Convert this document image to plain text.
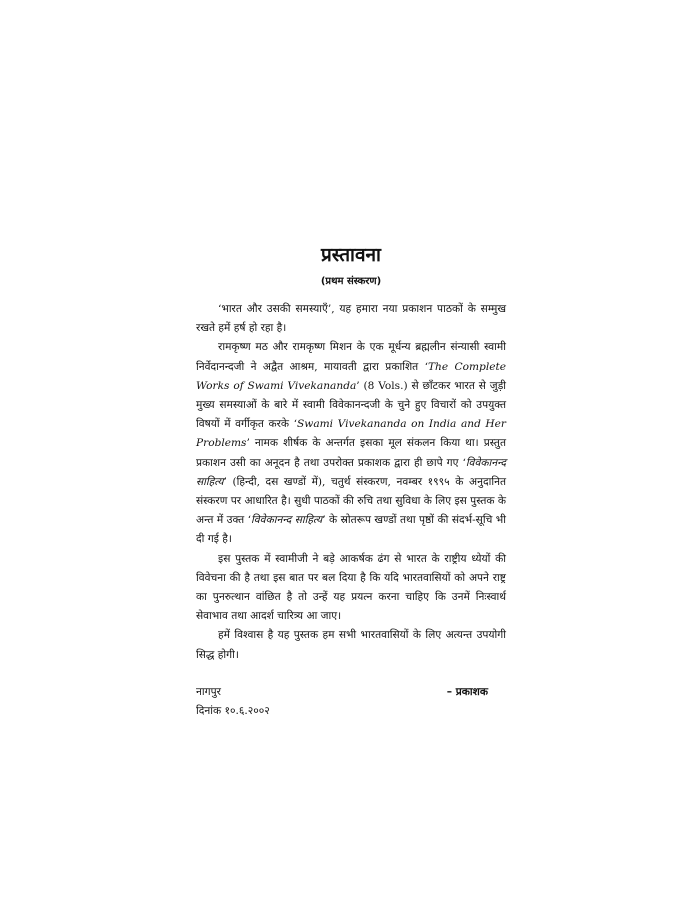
प्रस्तावना
(प्रथम संस्करण)

‘भारत और उसकी समस्याएँ’, यह हमारा नया प्रकाशन पाठकों के सम्मुख रखते हमें हर्ष हो रहा है।

रामकृष्ण मठ और रामकृष्ण मिशन के एक मूर्धन्य ब्रह्मलीन संन्यासी स्वामी निर्वेदानन्दजी ने अद्वैत आश्रम, मायावती द्वारा प्रकाशित ‘The Complete Works of Swami Vivekananda’ (8 Vols.) से छाँटकर भारत से जुड़ी मुख्य समस्याओं के बारे में स्वामी विवेकानन्दजी के चुने हुए विचारों को उपयुक्त विषयों में वर्गीकृत करके ‘Swami Vivekananda on India and Her Problems’ नामक शीर्षक के अन्तर्गत इसका मूल संकलन किया था। प्रस्तुत प्रकाशन उसी का अनूदन है तथा उपरोक्त प्रकाशक द्वारा ही छापे गए ‘विवेकानन्द साहित्य’ (हिन्दी, दस खण्डों में), चतुर्थ संस्करण, नवम्बर १९९५ के अनुदानित संस्करण पर आधारित है। सुधी पाठकों की रुचि तथा सुविधा के लिए इस पुस्तक के अन्त में उक्त ‘विवेकानन्द साहित्य’ के स्रोतरूप खण्डों तथा पृष्ठों की संदर्भ-सूचि भी दी गई है।

इस पुस्तक में स्वामीजी ने बड़े आकर्षक ढंग से भारत के राष्ट्रीय ध्येयों की विवेचना की है तथा इस बात पर बल दिया है कि यदि भारतवासियों को अपने राष्ट्र का पुनरुत्थान वांछित है तो उन्हें यह प्रयत्न करना चाहिए कि उनमें निःस्वार्थ सेवाभाव तथा आदर्श चारित्र्य आ जाए।

हमें विश्वास है यह पुस्तक हम सभी भारतवासियों के लिए अत्यन्त उपयोगी सिद्ध होगी।

नागपुर
दिनांक १०.६.२००२
– प्रकाशक
